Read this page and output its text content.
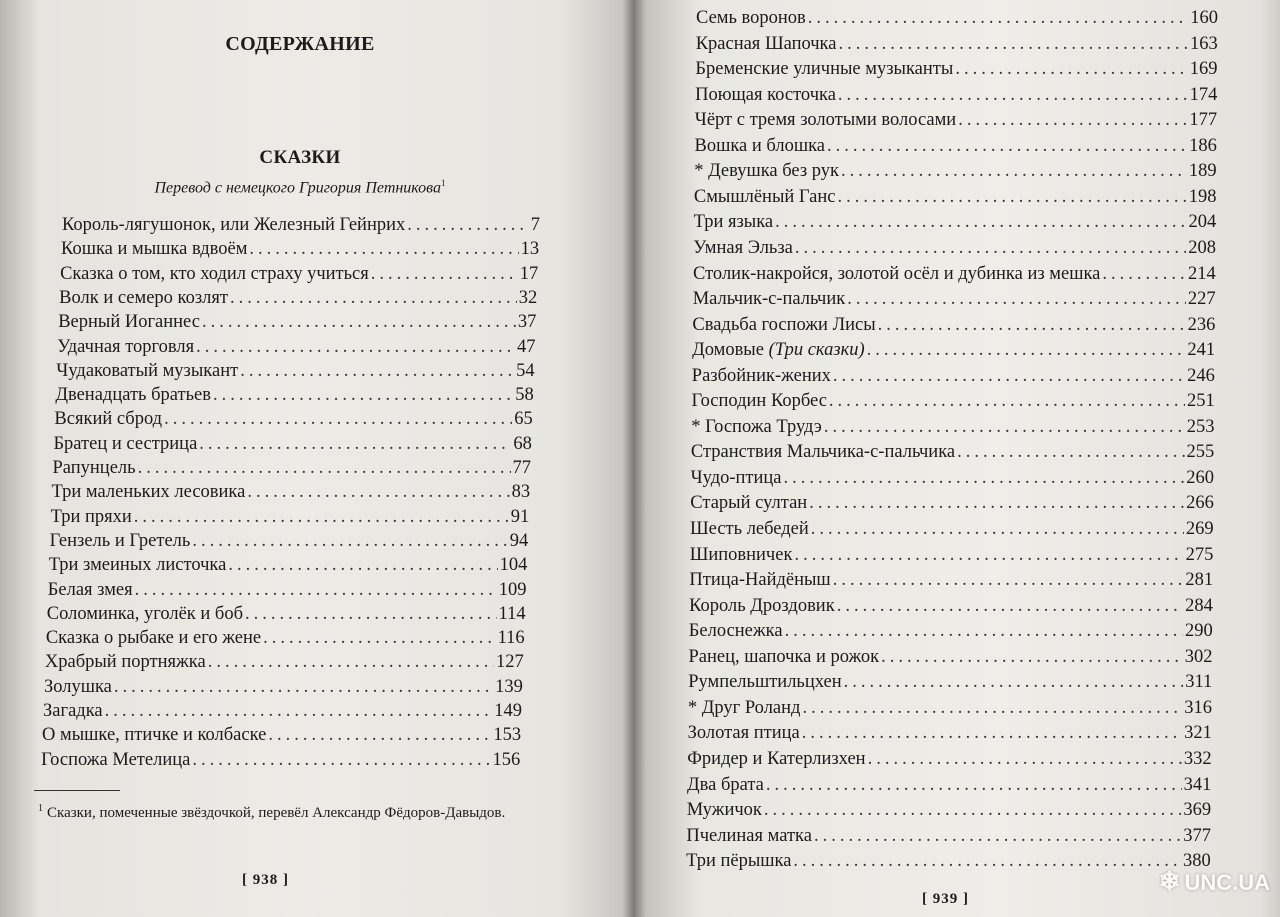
СОДЕРЖАНИЕ
СКАЗКИ
Перевод с немецкого Григория Петникова$^1$
Король-лягушонок, или Железный Гейнрих .....	7
Кошка и мышка вдвоём .....	13
Сказка о том, кто ходил страху учиться .....	17
Волк и семеро козлят .....	32
Верный Иоганнес .....	37
Удачная торговля .....	47
Чудаковатый музыкант .....	54
Двенадцать братьев .....	58
Всякий сброд .....	65
Братец и сестрица .....	68
Рапунцель .....	77
Три маленьких лесовика .....	83
Три пряхи .....	91
Гензель и Гретель .....	94
Три змеиных листочка .....	104
Белая змея .....	109
Соломинка, уголёк и боб .....	114
Сказка о рыбаке и его жене .....	116
Храбрый портняжка .....	127
Золушка .....	139
Загадка .....	149
О мышке, птичке и колбаске .....	153
Госпожа Метелица .....	156
$^1$ Сказки, помеченные звёздочкой, перевёл Александр Фёдоров-Давыдов.
[ 938 ]
Семь воронов .....	160
Красная Шапочка .....	163
Бременские уличные музыканты .....	169
Поющая косточка .....	174
Чёрт с тремя золотыми волосами .....	177
Вошка и блошка .....	186
* Девушка без рук .....	189
Смышлёный Ганс .....	198
Три языка .....	204
Умная Эльза .....	208
Столик-накройся, золотой осёл и дубинка из мешка .....	214
Мальчик-с-пальчик .....	227
Свадьба госпожи Лисы .....	236
Домовые (Три сказки) .....	241
Разбойник-жених .....	246
Господин Корбес .....	251
* Госпожа Трудэ .....	253
Странствия Мальчика-с-пальчика .....	255
Чудо-птица .....	260
Старый султан .....	266
Шесть лебедей .....	269
Шиповничек .....	275
Птица-Найдёныш .....	281
Король Дроздовик .....	284
Белоснежка .....	290
Ранец, шапочка и рожок .....	302
Румпельштильцхен .....	311
* Друг Роланд .....	316
Золотая птица .....	321
Фридер и Катерлизхен .....	332
Два брата .....	341
Мужичок .....	369
Пчелиная матка .....	377
Три пёрышка .....	380
[ 939 ]
❄ UNC.UA
